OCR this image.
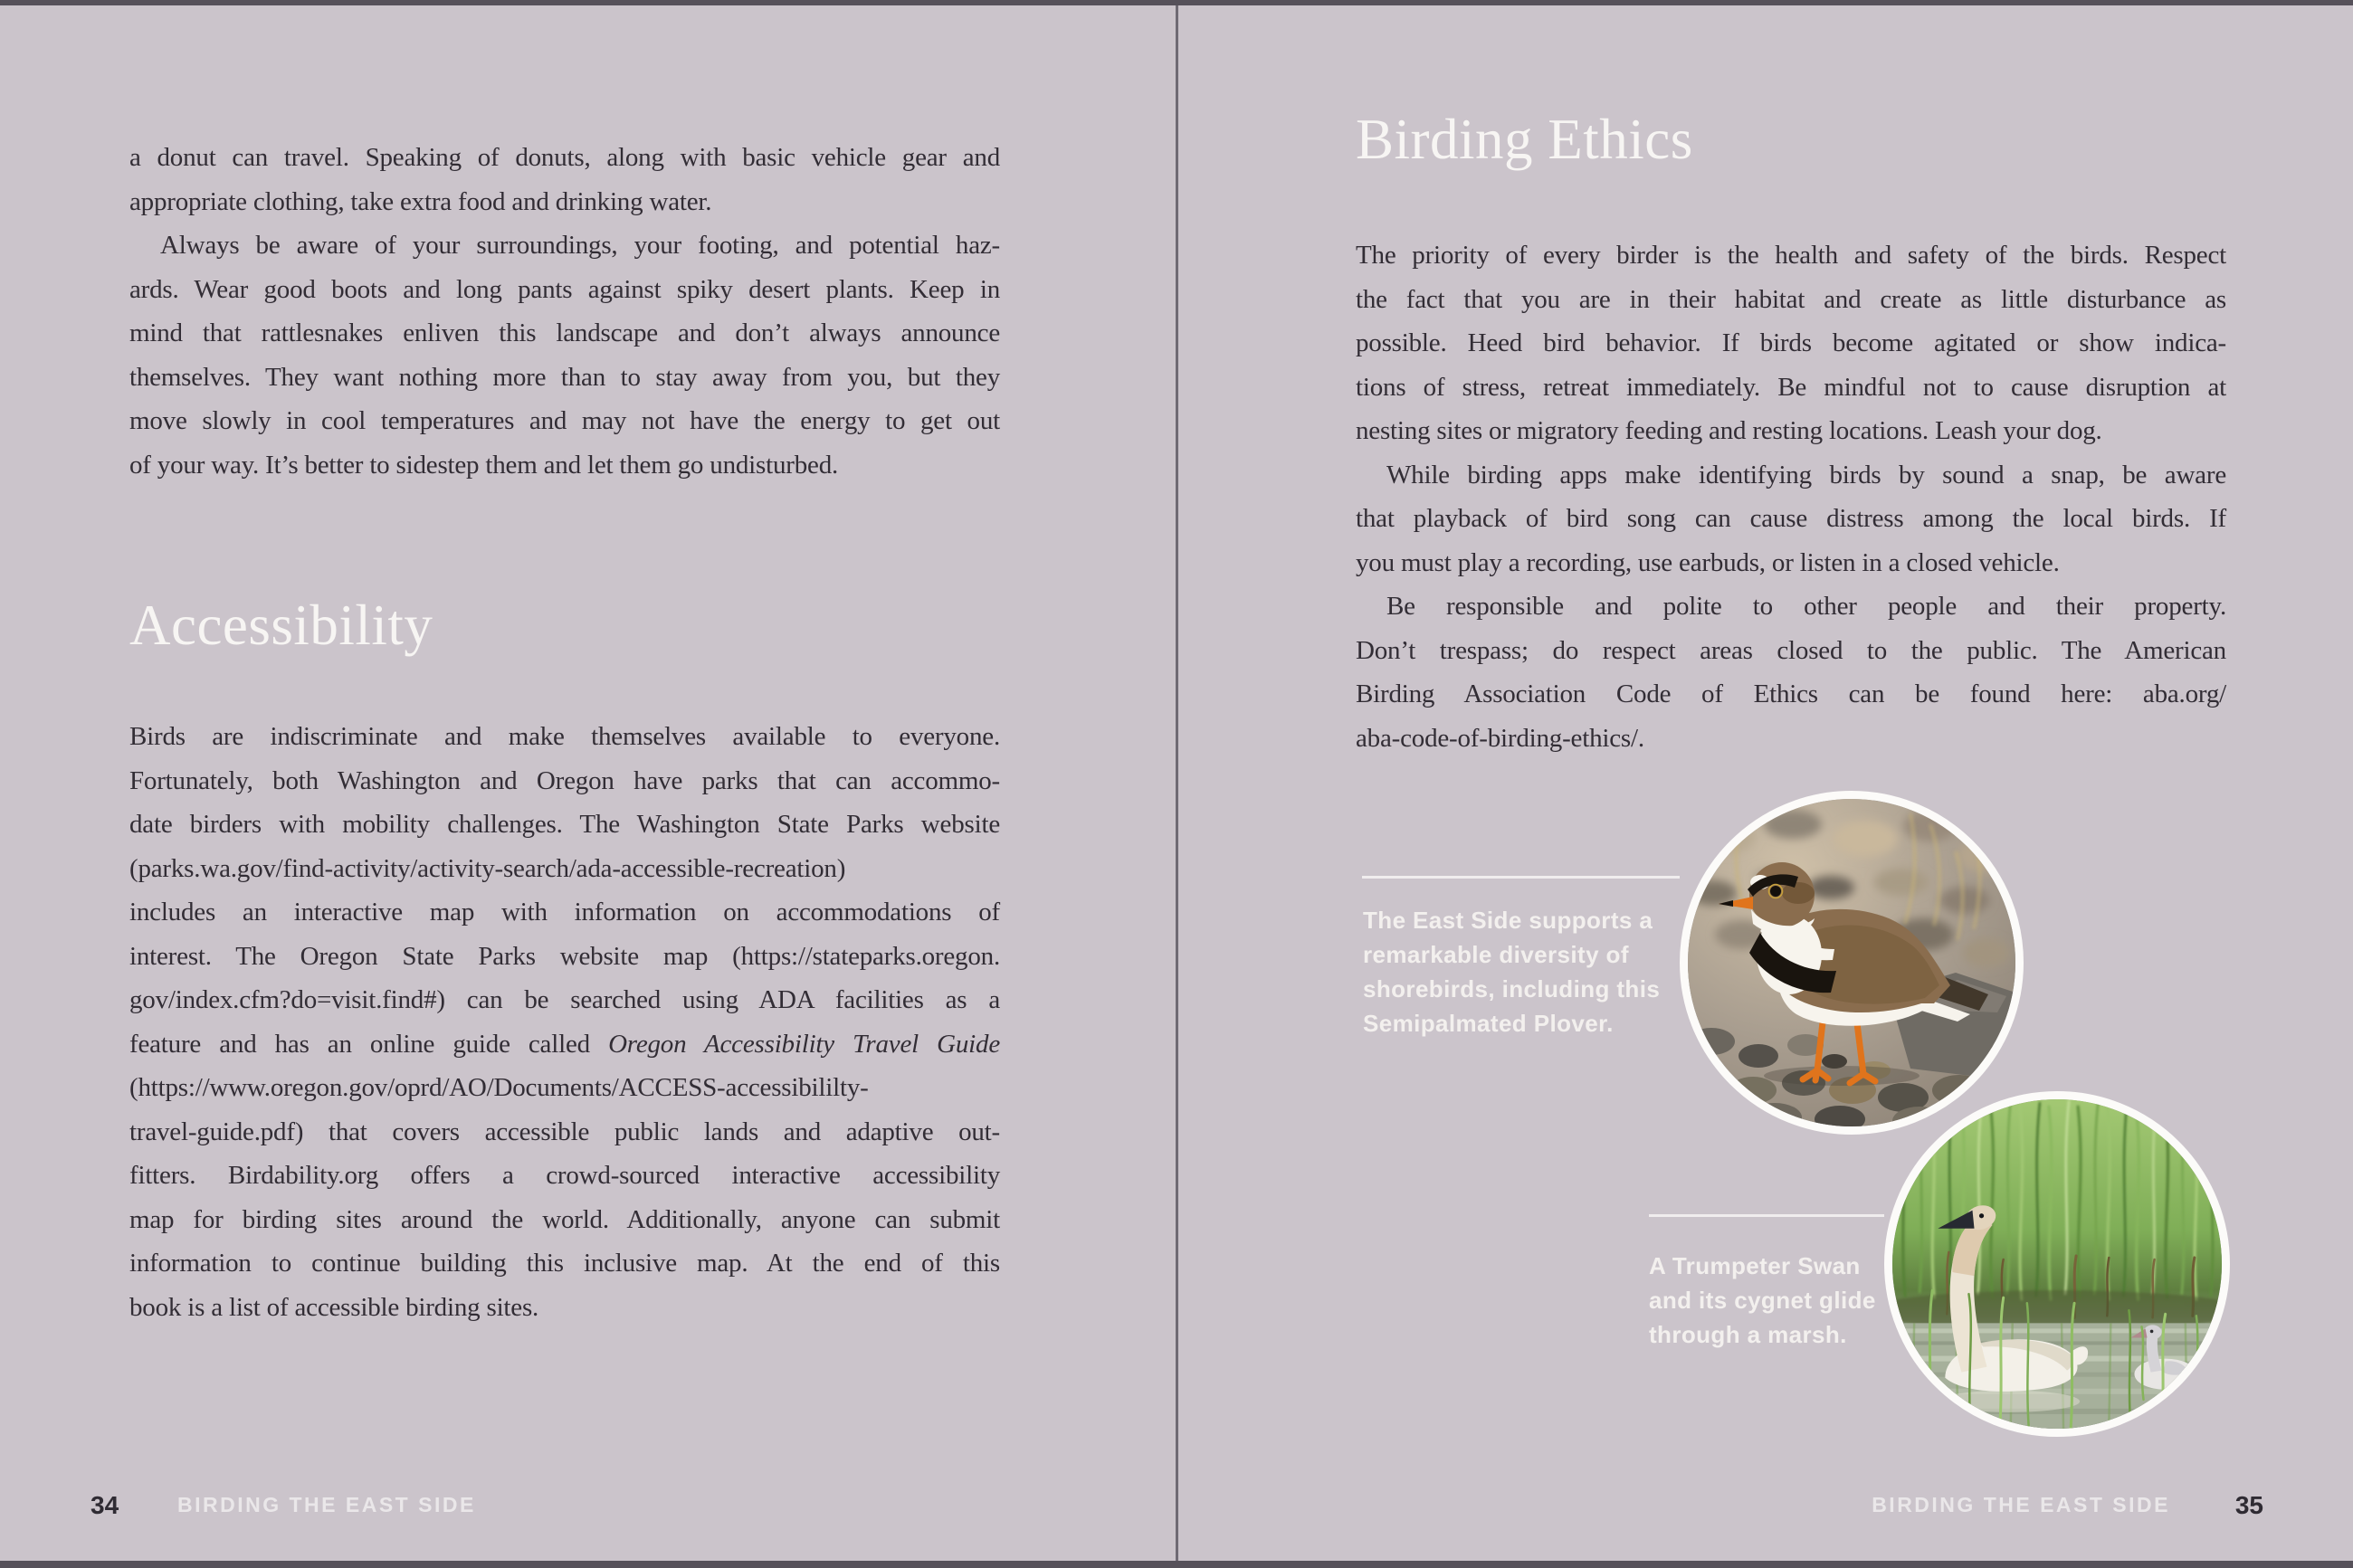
a donut can travel. Speaking of donuts, along with basic vehicle gear and
appropriate clothing, take extra food and drinking water.
Always be aware of your surroundings, your footing, and potential haz-
ards. Wear good boots and long pants against spiky desert plants. Keep in
mind that rattlesnakes enliven this landscape and don’t always announce
themselves. They want nothing more than to stay away from you, but they
move slowly in cool temperatures and may not have the energy to get out
of your way. It’s better to sidestep them and let them go undisturbed.
Accessibility
Birds are indiscriminate and make themselves available to everyone.
Fortunately, both Washington and Oregon have parks that can accommo-
date birders with mobility challenges. The Washington State Parks website
(parks.wa.gov/find-activity/activity-search/ada-accessible-recreation)
includes an interactive map with information on accommodations of
interest. The Oregon State Parks website map (https://stateparks.oregon.
gov/index.cfm?do=visit.find#) can be searched using ADA facilities as a
feature and has an online guide called Oregon Accessibility Travel Guide
(https://www.oregon.gov/oprd/AO/Documents/ACCESS-accessibililty-
travel-guide.pdf) that covers accessible public lands and adaptive out-
fitters. Birdability.org offers a crowd-sourced interactive accessibility
map for birding sites around the world. Additionally, anyone can submit
information to continue building this inclusive map. At the end of this
book is a list of accessible birding sites.
34	BIRDING THE EAST SIDE
Birding Ethics
The priority of every birder is the health and safety of the birds. Respect
the fact that you are in their habitat and create as little disturbance as
possible. Heed bird behavior. If birds become agitated or show indica-
tions of stress, retreat immediately. Be mindful not to cause disruption at
nesting sites or migratory feeding and resting locations. Leash your dog.
While birding apps make identifying birds by sound a snap, be aware
that playback of bird song can cause distress among the local birds. If
you must play a recording, use earbuds, or listen in a closed vehicle.
Be responsible and polite to other people and their property.
Don’t trespass; do respect areas closed to the public. The American
Birding Association Code of Ethics can be found here: aba.org/
aba-code-of-birding-ethics/.
The East Side supports a
remarkable diversity of
shorebirds, including this
Semipalmated Plover.
A Trumpeter Swan
and its cygnet glide
through a marsh.
BIRDING THE EAST SIDE	35
